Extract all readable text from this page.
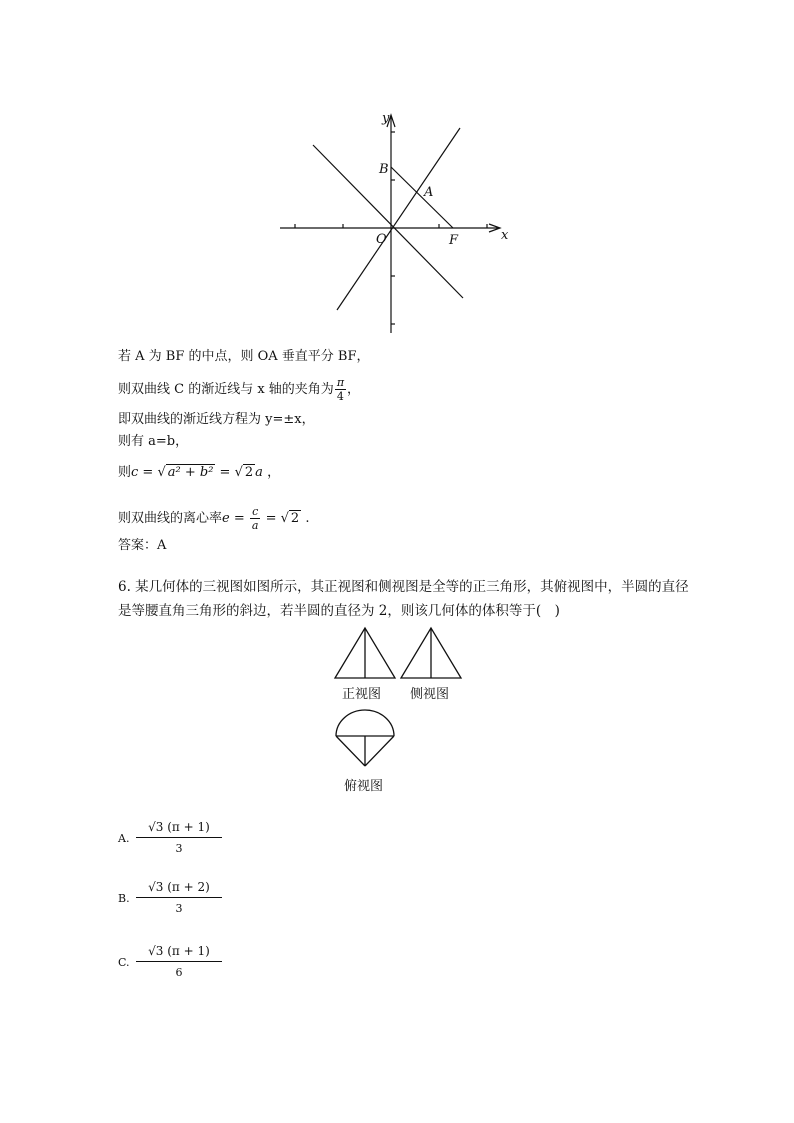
y
x
O
B
A
F
若 A 为 BF 的中点，则 OA 垂直平分 BF，
则双曲线 C 的渐近线与 x 轴的夹角为 $\frac{\pi}{4}$ ，
即双曲线的渐近线方程为 y=±x，
则有 a=b，
则c = √ a² + b² = √ 2 a ，
则双曲线的离心率$e = \frac{c}{a}$ = √ 2 .
答案：A
6. 某几何体的三视图如图所示，其正视图和侧视图是全等的正三角形，其俯视图中，半圆的直径是等腰直角三角形的斜边，若半圆的直径为 2，则该几何体的体积等于(　)
正视图 侧视图
俯视图
A. $\frac{√3 (\pi + 1)}{3}$
B. $\frac{√3 (\pi + 2)}{3}$
C. $\frac{√3 (\pi + 1)}{6}$
